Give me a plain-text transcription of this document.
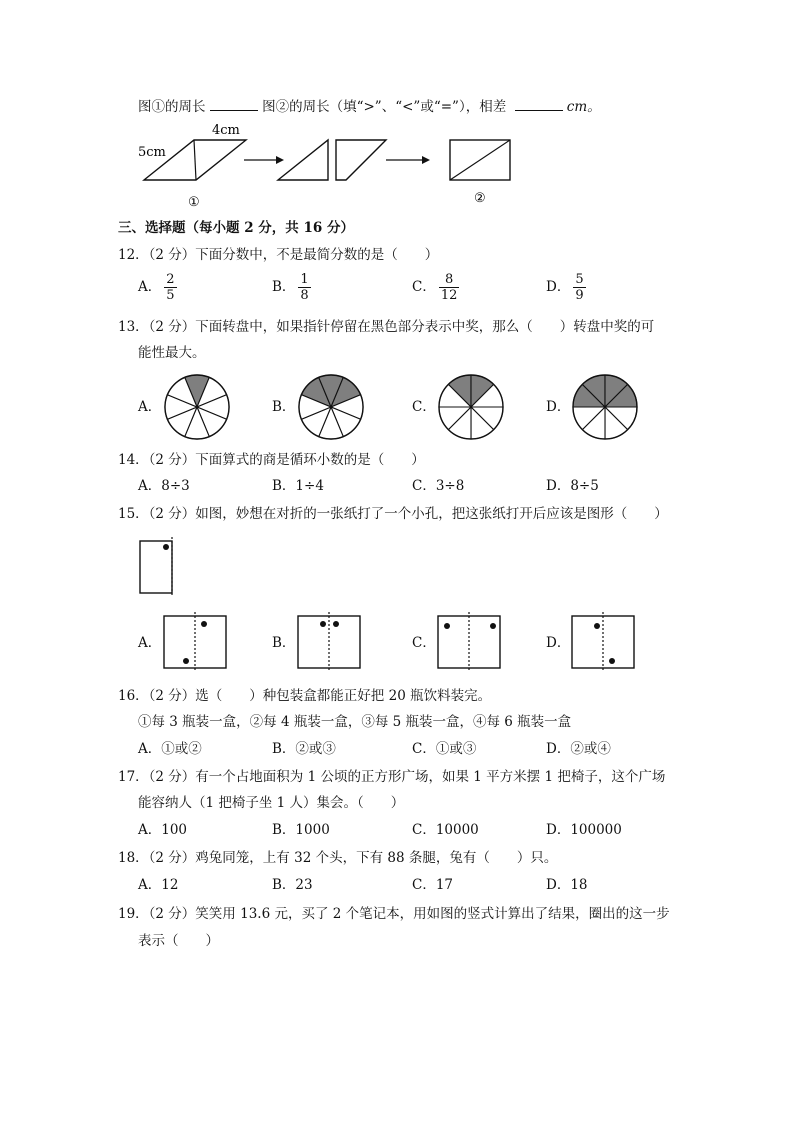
图①的周长	图②的周长（填“>”、“<”或“=”），相差	cm。
5cm
4cm
①	②
三、选择题（每小题 2 分，共 16 分）
12．（2 分）下面分数中，不是最简分数的是（　　）
A． $\frac{2}{5}$	B． $\frac{1}{8}$	C． $\frac{8}{12}$	D． $\frac{5}{9}$
13．（2 分）下面转盘中，如果指针停留在黑色部分表示中奖，那么（　　）转盘中奖的可
能性最大。
A．	B．	C．	D．
14．（2 分）下面算式的商是循环小数的是（　　）
A．8÷3	B．1÷4	C．3÷8	D．8÷5
15．（2 分）如图，妙想在对折的一张纸打了一个小孔，把这张纸打开后应该是图形（　　）
A．	B．	C．	D．
16．（2 分）选（　　）种包装盒都能正好把 20 瓶饮料装完。
①每 3 瓶装一盒，②每 4 瓶装一盒，③每 5 瓶装一盒，④每 6 瓶装一盒
A．①或②	B．②或③	C．①或③	D．②或④
17．（2 分）有一个占地面积为 1 公顷的正方形广场，如果 1 平方米摆 1 把椅子，这个广场
能容纳人（1 把椅子坐 1 人）集会。（　　）
A．100	B．1000	C．10000	D．100000
18．（2 分）鸡兔同笼，上有 32 个头，下有 88 条腿，兔有（　　）只。
A．12	B．23	C．17	D．18
19．（2 分）笑笑用 13.6 元，买了 2 个笔记本，用如图的竖式计算出了结果，圈出的这一步
表示（　　）
